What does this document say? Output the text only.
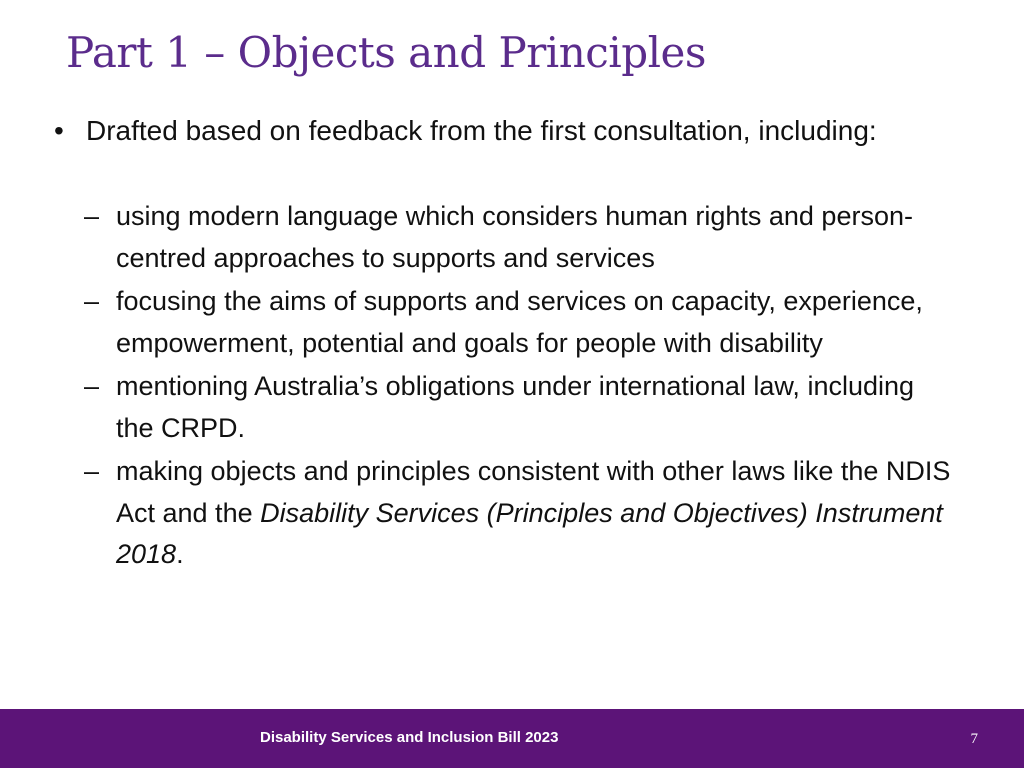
Part 1 – Objects and Principles
• Drafted based on feedback from the first consultation, including:
– using modern language which considers human rights and person-centred approaches to supports and services
– focusing the aims of supports and services on capacity, experience, empowerment, potential and goals for people with disability
– mentioning Australia’s obligations under international law, including the CRPD.
– making objects and principles consistent with other laws like the NDIS Act and the Disability Services (Principles and Objectives) Instrument 2018.
Disability Services and Inclusion Bill 2023	7
